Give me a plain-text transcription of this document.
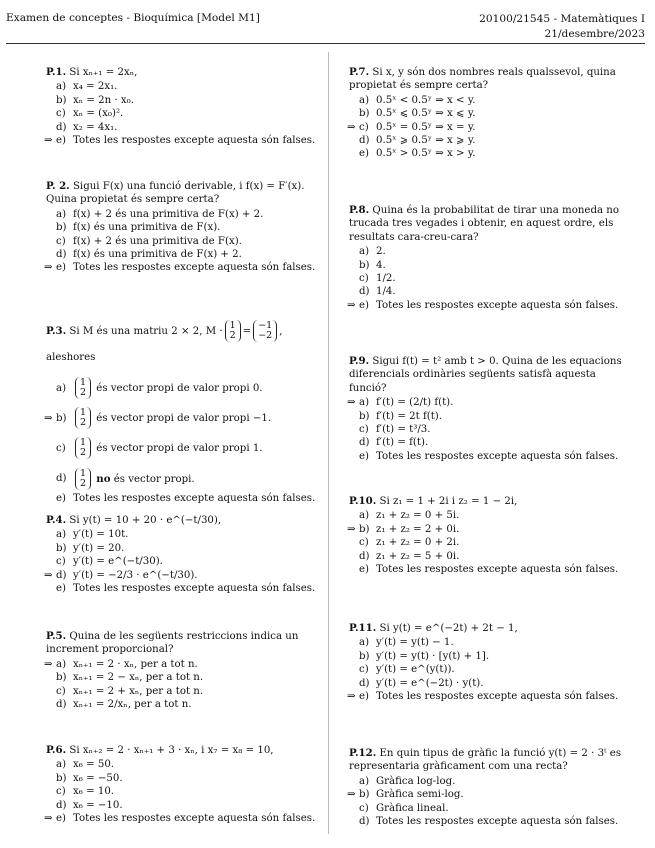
Examen de conceptes - Bioquímica [Model M1]	20100/21545 - Matemàtiques I
21/desembre/2023

P.1. Si xₙ₊₁ = 2xₙ,

a) x₄ = 2x₁.

b) xₙ = 2n · x₀.

c) xₙ = (x₀)².

d) x₂ = 4x₁.

⇒ e) Totes les respostes excepte aquesta són falses.

P. 2. Sigui F(x) una funció derivable, i f(x) = F′(x). Quina propietat és sempre certa?

a) f(x) + 2 és una primitiva de F(x) + 2.

b) f(x) és una primitiva de F(x).

c) f(x) + 2 és una primitiva de F(x).

d) f(x) és una primitiva de F(x) + 2.

⇒ e) Totes les respostes excepte aquesta són falses.

P.3. Si M és una matriu 2 × 2, M ·
1
2 =
−1
−2 , aleshores

a)
1
2 és vector propi de valor propi 0.

⇒ b)
1
2 és vector propi de valor propi −1.

c)
1
2 és vector propi de valor propi 1.

d) 1
2 no és vector propi.

e) Totes les respostes excepte aquesta són falses.

P.4. Si y(t) = 10 + 20 · e^(−t/30),

a) y′(t) = 10t.

b) y′(t) = 20.

c) y′(t) = e^(−t/30).

⇒ d) y′(t) = −2/3 · e^(−t/30).

e) Totes les respostes excepte aquesta són falses.

P.5. Quina de les següents restriccions indica un increment proporcional?

⇒ a) xₙ₊₁ = 2 · xₙ, per a tot n.

b) xₙ₊₁ = 2 − xₙ, per a tot n.

c) xₙ₊₁ = 2 + xₙ, per a tot n.

d) xₙ₊₁ = 2/xₙ, per a tot n.

P.6. Si xₙ₊₂ = 2 · xₙ₊₁ + 3 · xₙ, i x₇ = x₈ = 10,

a) x₆ = 50.

b) x₆ = −50.

c) x₆ = 10.

d) x₆ = −10.

⇒ e) Totes les respostes excepte aquesta són falses.

P.7. Si x, y són dos nombres reals qualssevol, quina propietat és sempre certa?

a) 0.5ˣ < 0.5ʸ ⇒ x < y.

b) 0.5ˣ ⩽ 0.5ʸ ⇒ x ⩽ y.

⇒ c) 0.5ˣ = 0.5ʸ ⇒ x = y.

d) 0.5ˣ ⩾ 0.5ʸ ⇒ x ⩾ y.

e) 0.5ˣ > 0.5ʸ ⇒ x > y.

P.8. Quina és la probabilitat de tirar una moneda no trucada tres vegades i obtenir, en aquest ordre, els resultats cara-creu-cara?

a) 2.

b) 4.

c) 1/2.

d) 1/4.

⇒ e) Totes les respostes excepte aquesta són falses.

P.9. Sigui f(t) = t² amb t > 0. Quina de les equacions diferencials ordinàries següents satisfà aquesta funció?

⇒ a) f′(t) = (2/t) f(t).

b) f′(t) = 2t f(t).

c) f′(t) = t³/3.

d) f′(t) = f(t).

e) Totes les respostes excepte aquesta són falses.

P.10. Si z₁ = 1 + 2i i z₂ = 1 − 2i,

a) z₁ + z₂ = 0 + 5i.

⇒ b) z₁ + z₂ = 2 + 0i.

c) z₁ + z₂ = 0 + 2i.

d) z₁ + z₂ = 5 + 0i.

e) Totes les respostes excepte aquesta són falses.

P.11. Si y(t) = e^(−2t) + 2t − 1,

a) y′(t) = y(t) − 1.

b) y′(t) = y(t) · [y(t) + 1].

c) y′(t) = e^(y(t)).

d) y′(t) = e^(−2t) · y(t).

⇒ e) Totes les respostes excepte aquesta són falses.

P.12. En quin tipus de gràfic la funció y(t) = 2 · 3ᵗ es representaria gràficament com una recta?

a) Gràfica log-log.

⇒ b) Gràfica semi-log.

c) Gràfica lineal.

d) Totes les respostes excepte aquesta són falses.
